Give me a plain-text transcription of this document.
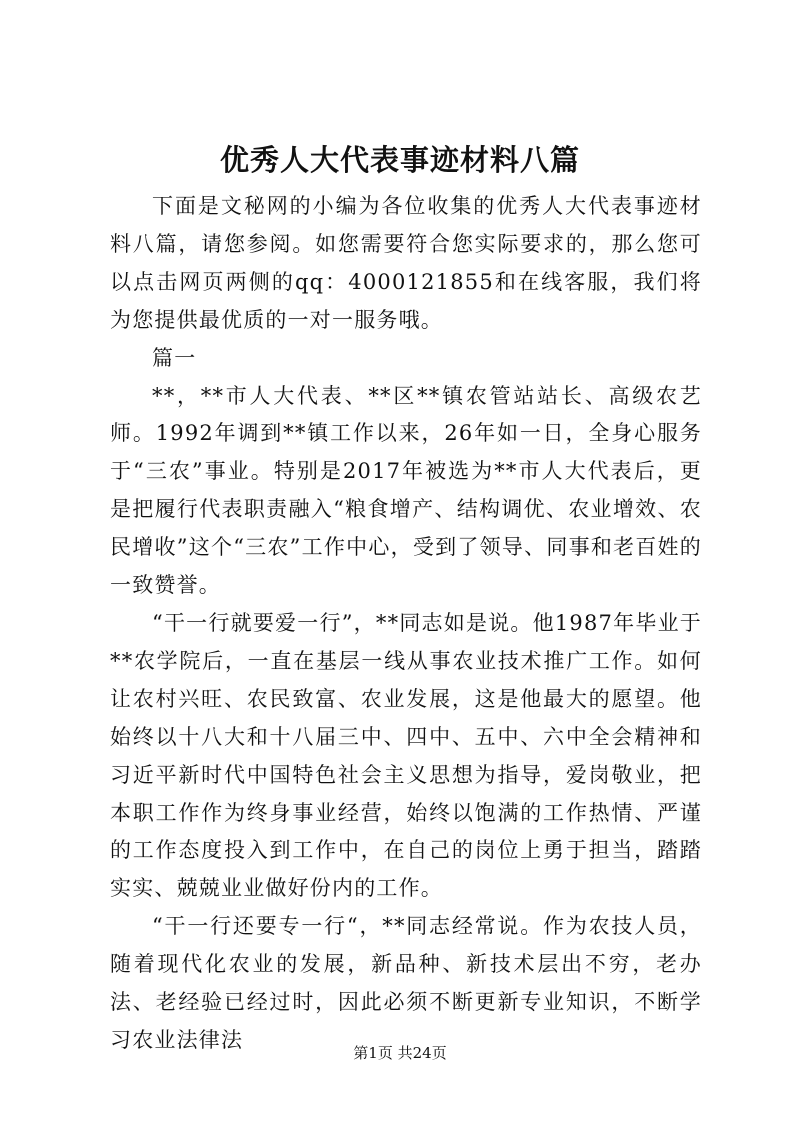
优秀人大代表事迹材料八篇

下面是文秘网的小编为各位收集的优秀人大代表事迹材料八篇，请您参阅。如您需要符合您实际要求的，那么您可以点击网页两侧的qq：4000121855和在线客服，我们将为您提供最优质的一对一服务哦。

篇一

**，**市人大代表、**区**镇农管站站长、高级农艺师。1992年调到**镇工作以来，26年如一日，全身心服务于“三农”事业。特别是2017年被选为**市人大代表后，更是把履行代表职责融入“粮食增产、结构调优、农业增效、农民增收”这个“三农”工作中心，受到了领导、同事和老百姓的一致赞誉。

“干一行就要爱一行”，**同志如是说。他1987年毕业于**农学院后，一直在基层一线从事农业技术推广工作。如何让农村兴旺、农民致富、农业发展，这是他最大的愿望。他始终以十八大和十八届三中、四中、五中、六中全会精神和习近平新时代中国特色社会主义思想为指导，爱岗敬业，把本职工作作为终身事业经营，始终以饱满的工作热情、严谨的工作态度投入到工作中，在自己的岗位上勇于担当，踏踏实实、兢兢业业做好份内的工作。

“干一行还要专一行“，**同志经常说。作为农技人员，随着现代化农业的发展，新品种、新技术层出不穷，老办法、老经验已经过时，因此必须不断更新专业知识，不断学习农业法律法

第1页 共24页
